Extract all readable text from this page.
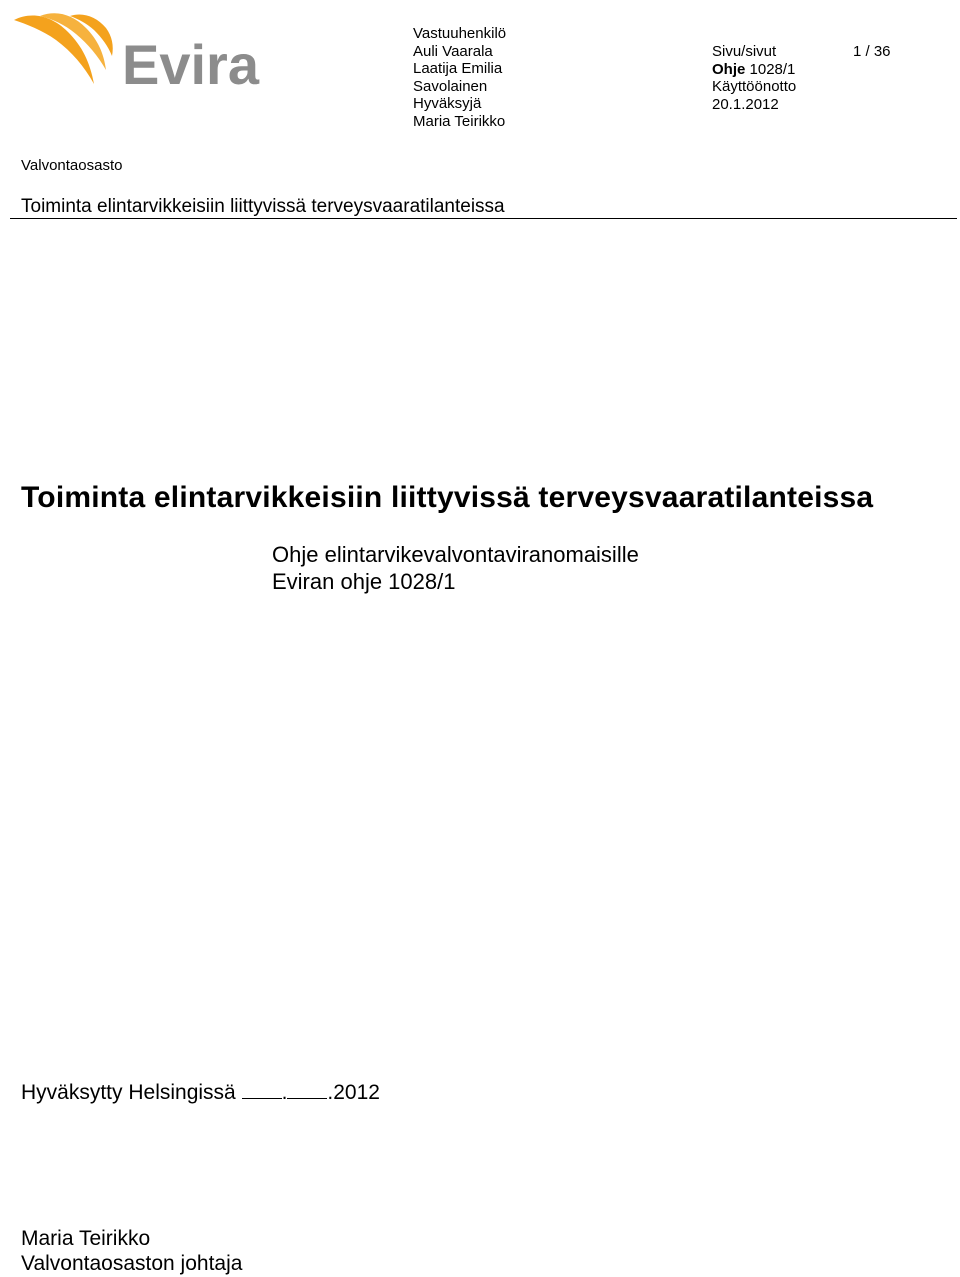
Evira	Vastuuhenkilö
Auli Vaarala
Laatija Emilia
Savolainen
Hyväksyjä
Maria Teirikko
Sivu/sivut
Ohje 1028/1
Käyttöönotto
20.1.2012
1 / 36
Valvontaosasto
Toiminta elintarvikkeisiin liittyvissä terveysvaaratilanteissa
Toiminta elintarvikkeisiin liittyvissä terveysvaaratilanteissa
Ohje elintarvikevalvontaviranomaisille
Eviran ohje 1028/1
Hyväksytty Helsingissä . .2012
Maria Teirikko
Valvontaosaston johtaja
